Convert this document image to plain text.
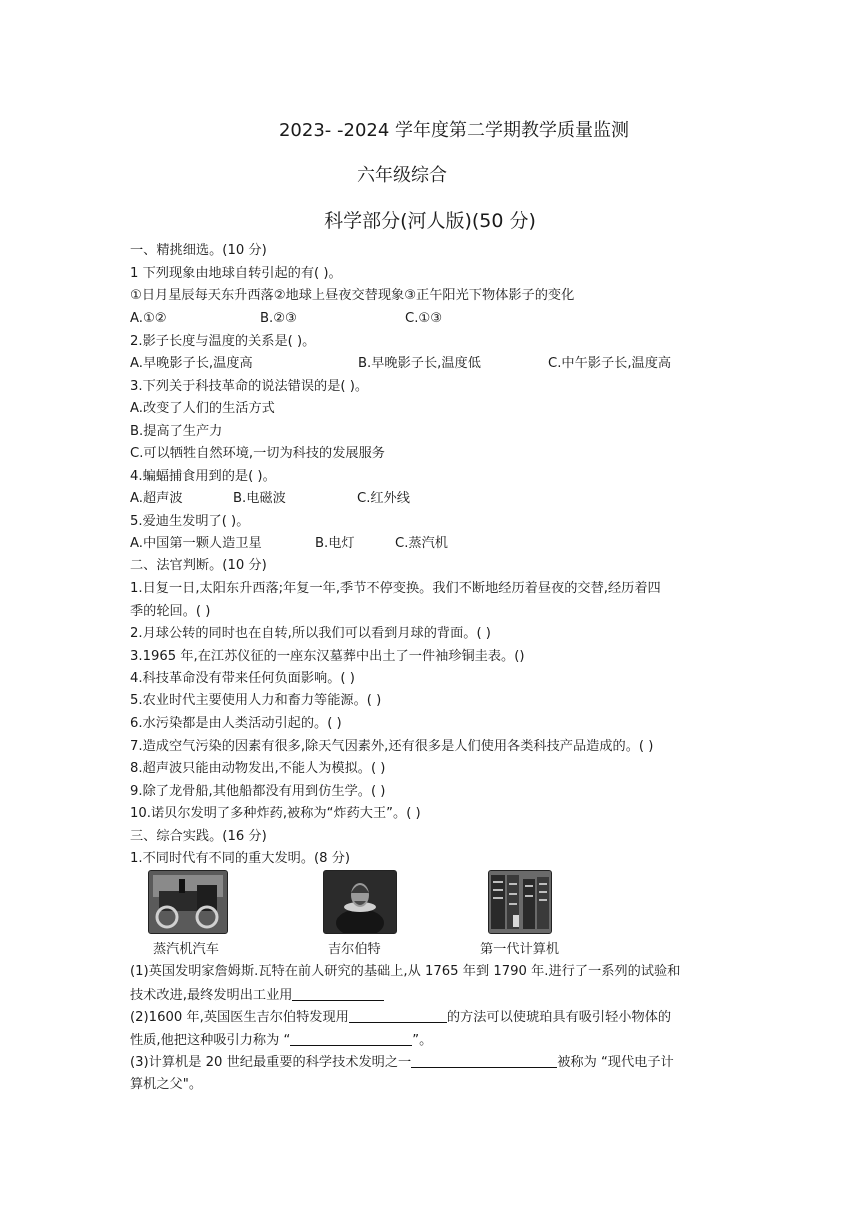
2023- -2024 学年度第二学期教学质量监测
六年级综合
科学部分(河人版)(50 分)
一、精挑细选。(10 分)
1 下列现象由地球自转引起的有( )。
①日月星辰每天东升西落②地球上昼夜交替现象③正午阳光下物体影子的变化
A.①②	B.②③	C.①③
2.影子长度与温度的关系是( )。
A.早晚影子长,温度高	B.早晚影子长,温度低	C.中午影子长,温度高
3.下列关于科技革命的说法错误的是( )。
A.改变了人们的生活方式
B.提高了生产力
C.可以牺牲自然环境,一切为科技的发展服务
4.蝙蝠捕食用到的是( )。
A.超声波	B.电磁波	C.红外线
5.爱迪生发明了( )。
A.中国第一颗人造卫星	B.电灯	C.蒸汽机
二、法官判断。(10 分)
1.日复一日,太阳东升西落;年复一年,季节不停变换。我们不断地经历着昼夜的交替,经历着四
季的轮回。( )
2.月球公转的同时也在自转,所以我们可以看到月球的背面。( )
3.1965 年,在江苏仪征的一座东汉墓葬中出土了一件袖珍铜圭表。()
4.科技革命没有带来任何负面影响。( )
5.农业时代主要使用人力和畜力等能源。( )
6.水污染都是由人类活动引起的。( )
7.造成空气污染的因素有很多,除天气因素外,还有很多是人们使用各类科技产品造成的。( )
8.超声波只能由动物发出,不能人为模拟。( )
9.除了龙骨船,其他船都没有用到仿生学。( )
10.诺贝尔发明了多种炸药,被称为“炸药大王”。( )
三、综合实践。(16 分)
1.不同时代有不同的重大发明。(8 分)
蒸汽机汽车	吉尔伯特	第一代计算机
(1)英国发明家詹姆斯.瓦特在前人研究的基础上,从 1765 年到 1790 年.进行了一系列的试验和
技术改进,最终发明出工业用
(2)1600 年,英国医生吉尔伯特发现用	的方法可以使琥珀具有吸引轻小物体的
性质,他把这种吸引力称为 “	”。
(3)计算机是 20 世纪最重要的科学技术发明之一	被称为 “现代电子计
算机之父"。
